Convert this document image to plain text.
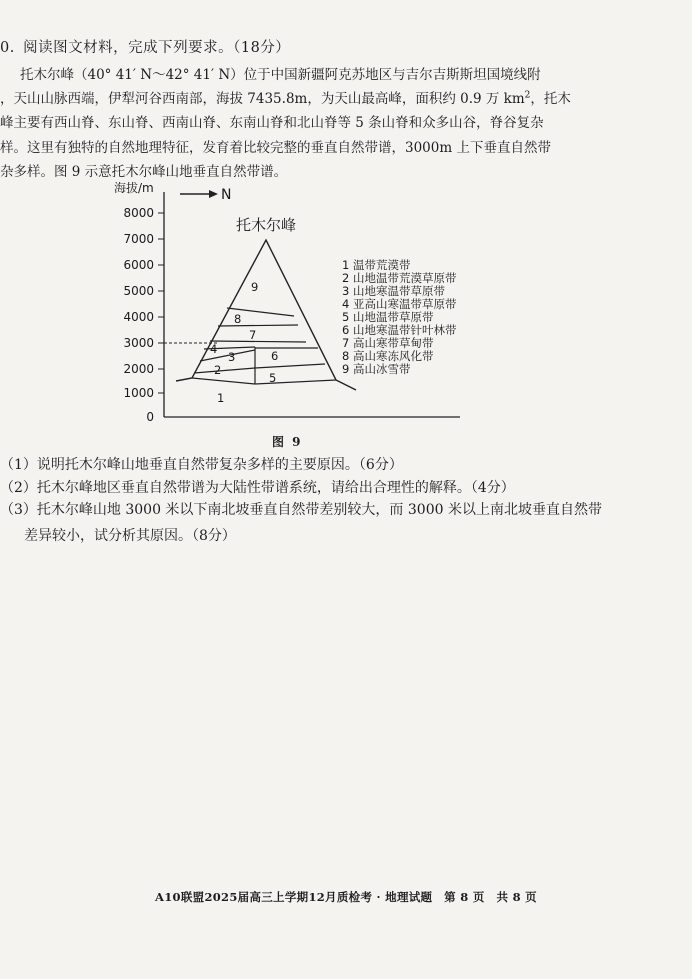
0. 阅读图文材料，完成下列要求。（18分）

托木尔峰（40° 41′ N～42° 41′ N）位于中国新疆阿克苏地区与吉尔吉斯斯坦国境线附

，天山山脉西端，伊犁河谷西南部，海拔 7435.8m，为天山最高峰，面积约 0.9 万 $km^2$，托木

峰主要有西山脊、东山脊、西南山脊、东南山脊和北山脊等 5 条山脊和众多山谷，脊谷复杂

样。这里有独特的自然地理特征，发育着比较完整的垂直自然带谱，3000m 上下垂直自然带

杂多样。图 9 示意托木尔峰山地垂直自然带谱。

海拔/m	N
8000
7000
6000
5000
4000
3000
2000
1000
0
托木尔峰
1
2
3
4
5
6
7
8
9
1 温带荒漠带
2 山地温带荒漠草原带
3 山地寒温带草原带
4 亚高山寒温带草原带
5 山地温带草原带
6 山地寒温带针叶林带
7 高山寒带草甸带
8 高山寒冻风化带
9 高山冰雪带
图 9
（1）说明托木尔峰山地垂直自然带复杂多样的主要原因。（6分）
（2）托木尔峰地区垂直自然带谱为大陆性带谱系统，请给出合理性的解释。（4分）
（3）托木尔峰山地 3000 米以下南北坡垂直自然带差别较大，而 3000 米以上南北坡垂直自然带
差异较小，试分析其原因。（8分）
A10联盟2025届高三上学期12月质检考 · 地理试题　第 8 页　共 8 页
